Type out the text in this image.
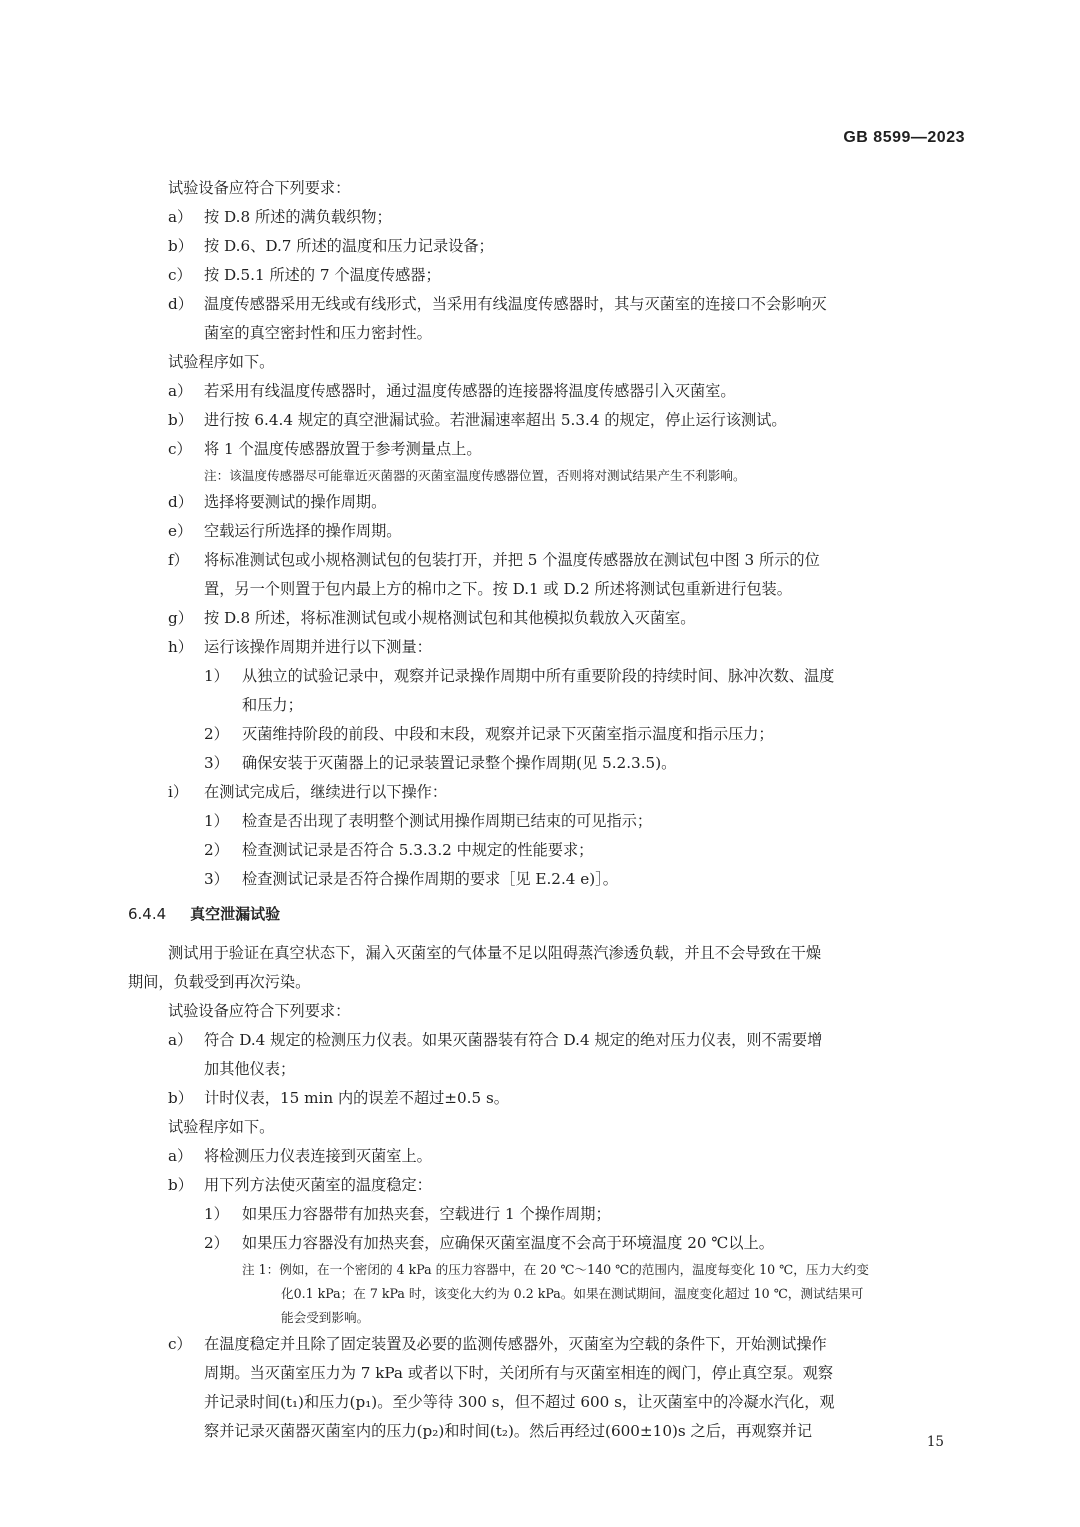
GB 8599—2023
试验设备应符合下列要求：
a） 按 D.8 所述的满负载织物；
b） 按 D.6、D.7 所述的温度和压力记录设备；
c） 按 D.5.1 所述的 7 个温度传感器；
d） 温度传感器采用无线或有线形式，当采用有线温度传感器时，其与灭菌室的连接口不会影响灭
菌室的真空密封性和压力密封性。
试验程序如下。
a） 若采用有线温度传感器时，通过温度传感器的连接器将温度传感器引入灭菌室。
b） 进行按 6.4.4 规定的真空泄漏试验。若泄漏速率超出 5.3.4 的规定，停止运行该测试。
c） 将 1 个温度传感器放置于参考测量点上。
注：该温度传感器尽可能靠近灭菌器的灭菌室温度传感器位置，否则将对测试结果产生不利影响。
d） 选择将要测试的操作周期。
e） 空载运行所选择的操作周期。
f） 将标准测试包或小规格测试包的包装打开，并把 5 个温度传感器放在测试包中图 3 所示的位
置，另一个则置于包内最上方的棉巾之下。按 D.1 或 D.2 所述将测试包重新进行包装。
g） 按 D.8 所述，将标准测试包或小规格测试包和其他模拟负载放入灭菌室。
h） 运行该操作周期并进行以下测量：
1） 从独立的试验记录中，观察并记录操作周期中所有重要阶段的持续时间、脉冲次数、温度
和压力；
2） 灭菌维持阶段的前段、中段和末段，观察并记录下灭菌室指示温度和指示压力；
3） 确保安装于灭菌器上的记录装置记录整个操作周期(见 5.2.3.5)。
i） 在测试完成后，继续进行以下操作：
1） 检查是否出现了表明整个测试用操作周期已结束的可见指示；
2） 检查测试记录是否符合 5.3.3.2 中规定的性能要求；
3） 检查测试记录是否符合操作周期的要求［见 E.2.4 e)］。
6.4.4 真空泄漏试验
测试用于验证在真空状态下，漏入灭菌室的气体量不足以阻碍蒸汽渗透负载，并且不会导致在干燥
期间，负载受到再次污染。
试验设备应符合下列要求：
a） 符合 D.4 规定的检测压力仪表。如果灭菌器装有符合 D.4 规定的绝对压力仪表，则不需要增
加其他仪表；
b） 计时仪表，15 min 内的误差不超过±0.5 s。
试验程序如下。
a） 将检测压力仪表连接到灭菌室上。
b） 用下列方法使灭菌室的温度稳定：
1） 如果压力容器带有加热夹套，空载进行 1 个操作周期；
2） 如果压力容器没有加热夹套，应确保灭菌室温度不会高于环境温度 20 ℃以上。
注 1：例如，在一个密闭的 4 kPa 的压力容器中，在 20 ℃～140 ℃的范围内，温度每变化 10 ℃，压力大约变
化0.1 kPa；在 7 kPa 时，该变化大约为 0.2 kPa。如果在测试期间，温度变化超过 10 ℃，测试结果可
能会受到影响。
c） 在温度稳定并且除了固定装置及必要的监测传感器外，灭菌室为空载的条件下，开始测试操作
周期。当灭菌室压力为 7 kPa 或者以下时，关闭所有与灭菌室相连的阀门，停止真空泵。观察
并记录时间(t₁)和压力(p₁)。至少等待 300 s，但不超过 600 s，让灭菌室中的冷凝水汽化，观
察并记录灭菌器灭菌室内的压力(p₂)和时间(t₂)。然后再经过(600±10)s 之后，再观察并记
15
